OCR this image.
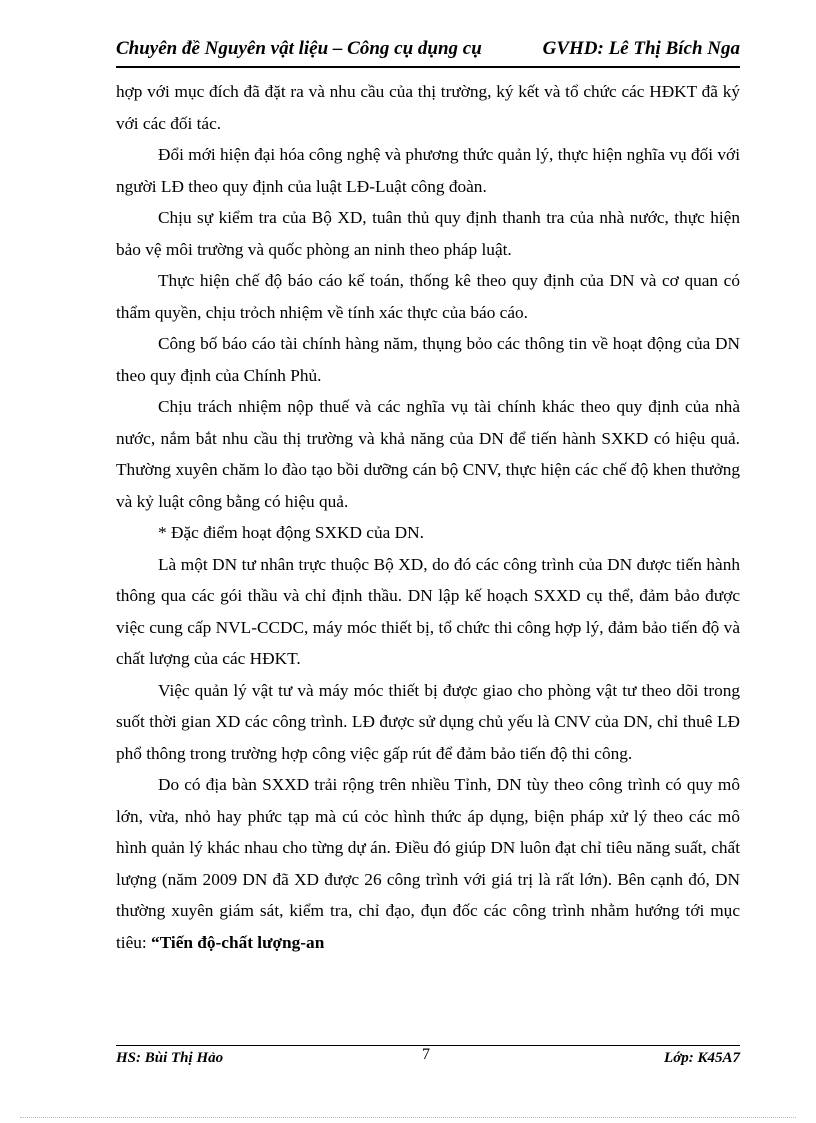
Chuyên đề Nguyên vật liệu – Công cụ dụng cụ	GVHD: Lê Thị Bích Nga

hợp với mục đích đã đặt ra và nhu cầu của thị trường, ký kết và tổ chức các HĐKT đã ký với các đối tác.

Đổi mới hiện đại hóa công nghệ và phương thức quản lý, thực hiện nghĩa vụ đối với người LĐ theo quy định của luật LĐ-Luật công đoàn.

Chịu sự kiểm tra của Bộ XD, tuân thủ quy định thanh tra của nhà nước, thực hiện bảo vệ môi trường và quốc phòng an ninh theo pháp luật.

Thực hiện chế độ báo cáo kế toán, thống kê theo quy định của DN và cơ quan có thẩm quyền, chịu trỏch nhiệm về tính xác thực của báo cáo.

Công bố báo cáo tài chính hàng năm, thụng bỏo các thông tin về hoạt động của DN theo quy định của Chính Phủ.

Chịu trách nhiệm nộp thuế và các nghĩa vụ tài chính khác theo quy định của nhà nước, nắm bắt nhu cầu thị trường và khả năng của DN để tiến hành SXKD có hiệu quả. Thường xuyên chăm lo đào tạo bồi dưỡng cán bộ CNV, thực hiện các chế độ khen thưởng và kỷ luật công bằng có hiệu quả.

* Đặc điểm hoạt động SXKD của DN.

Là một DN tư nhân trực thuộc Bộ XD, do đó các công trình của DN được tiến hành thông qua các gói thầu và chỉ định thầu. DN lập kế hoạch SXXD cụ thể, đảm bảo được việc cung cấp NVL-CCDC, máy móc thiết bị, tổ chức thi công hợp lý, đảm bảo tiến độ và chất lượng của các HĐKT.

Việc quản lý vật tư và máy móc thiết bị được giao cho phòng vật tư theo dõi trong suốt thời gian XD các công trình. LĐ được sử dụng chủ yếu là CNV của DN, chỉ thuê LĐ phổ thông trong trường hợp công việc gấp rút để đảm bảo tiến độ thi công.

Do có địa bàn SXXD trải rộng trên nhiều Tỉnh, DN tùy theo công trình có quy mô lớn, vừa, nhỏ hay phức tạp mà cú cỏc hình thức áp dụng, biện pháp xử lý theo các mô hình quản lý khác nhau cho từng dự án. Điều đó giúp DN luôn đạt chỉ tiêu năng suất, chất lượng (năm 2009 DN đã XD được 26 công trình với giá trị là rất lớn). Bên cạnh đó, DN thường xuyên giám sát, kiểm tra, chỉ đạo, đụn đốc các công trình nhằm hướng tới mục tiêu: “Tiến độ-chất lượng-an

HS: Bùi Thị Hảo	7	Lớp: K45A7
